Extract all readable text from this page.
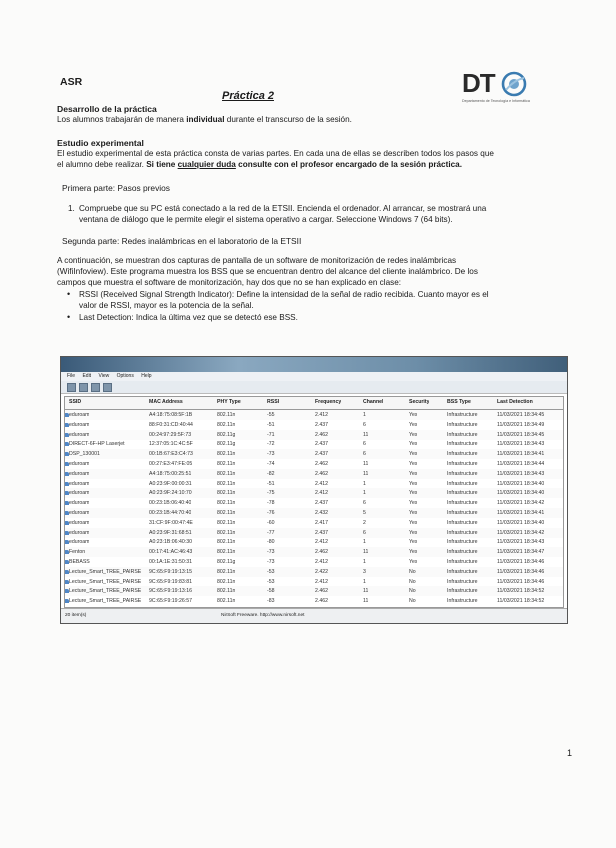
ASR
Práctica 2	DT
Departamento de Tecnología e Informática
Desarrollo de la práctica
Los alumnos trabajarán de manera individual durante el transcurso de la sesión.
Estudio experimental
El estudio experimental de esta práctica consta de varias partes. En cada una de ellas se describen todos los pasos que
el alumno debe realizar. Si tiene cualquier duda consulte con el profesor encargado de la sesión práctica.
Primera parte: Pasos previos
1. Compruebe que su PC está conectado a la red de la ETSII. Encienda el ordenador. Al arrancar, se mostrará una
ventana de diálogo que le permite elegir el sistema operativo a cargar. Seleccione Windows 7 (64 bits).
Segunda parte: Redes inalámbricas en el laboratorio de la ETSII
A continuación, se muestran dos capturas de pantalla de un software de monitorización de redes inalámbricas
(WifiInfoview). Este programa muestra los BSS que se encuentran dentro del alcance del cliente inalámbrico. De los
campos que muestra el software de monitorización, hay dos que no se han explicado en clase:
• RSSI (Received Signal Strength Indicator): Define la intensidad de la señal de radio recibida. Cuanto mayor es el
valor de RSSI, mayor es la potencia de la señal.
• Last Detection: Indica la última vez que se detectó ese BSS.
File Edit View Options Help
SSID	MAC Address	PHY Type	RSSI	Frequency	Channel	Security	BSS Type	Last Detection
eduroam	A4:18:75:08:5F:1B	802.11n	-55	2.412	1	Yes	Infrastructure	11/03/2021 18:34:45
eduroam	88:F0:31:CD:40:44	802.11n	-51	2.437	6	Yes	Infrastructure	11/03/2021 18:34:49
eduroam	00:24:97:29:5F:73	802.11g	-71	2.462	11	Yes	Infrastructure	11/03/2021 18:34:45
DIRECT-6F-HP Laserjet	12:37:05:1C:4C:5F	802.11g	-72	2.437	6	Yes	Infrastructure	11/03/2021 18:34:43
DSP_130001	00:1B:67:E3:C4:73	802.11n	-73	2.437	6	Yes	Infrastructure	11/03/2021 18:34:41
eduroam	00:27:E3:47:FE:05	802.11n	-74	2.462	11	Yes	Infrastructure	11/03/2021 18:34:44
eduroam	A4:18:75:00:25:51	802.11n	-82	2.462	11	Yes	Infrastructure	11/03/2021 18:34:43
eduroam	A0:23:9F:00:00:31	802.11n	-51	2.412	1	Yes	Infrastructure	11/03/2021 18:34:40
eduroam	A0:23:9F:24:10:70	802.11n	-75	2.412	1	Yes	Infrastructure	11/03/2021 18:34:40
eduroam	00:23:1B:06:40:40	802.11n	-78	2.437	6	Yes	Infrastructure	11/03/2021 18:34:42
eduroam	00:23:1B:44:70:40	802.11n	-76	2.432	5	Yes	Infrastructure	11/03/2021 18:34:41
eduroam	31:CF:9F:00:47:4E	802.11n	-60	2.417	2	Yes	Infrastructure	11/03/2021 18:34:40
eduroam	A0:23:9F:31:68:51	802.11n	-77	2.437	6	Yes	Infrastructure	11/03/2021 18:34:42
eduroam	A0:23:1B:06:40:30	802.11n	-80	2.412	1	Yes	Infrastructure	11/03/2021 18:34:43
Fenton	00:17:41:AC:46:43	802.11n	-73	2.462	11	Yes	Infrastructure	11/03/2021 18:34:47
BEBASS	00:1A:1E:31:50:31	802.11g	-73	2.412	1	Yes	Infrastructure	11/03/2021 18:34:46
Lecture_Smart_TREE_PAIRSE 9C:65:F9:19:13:15	802.11n	-53	2.422	3	No	Infrastructure	11/03/2021 18:34:46
Lecture_Smart_TREE_PAIRSE 9C:65:F9:19:83:81	802.11n	-53	2.412	1	No	Infrastructure	11/03/2021 18:34:46
Lecture_Smart_TREE_PAIRSE 9C:65:F9:19:13:16	802.11n	-58	2.462	11	No	Infrastructure	11/03/2021 18:34:52
Lecture_Smart_TREE_PAIRSE 9C:65:F9:19:26:57	802.11n	-83	2.462	11	No	Infrastructure	11/03/2021 18:34:52
20 item(s)	NirSoft Freeware. http://www.nirsoft.net
1
